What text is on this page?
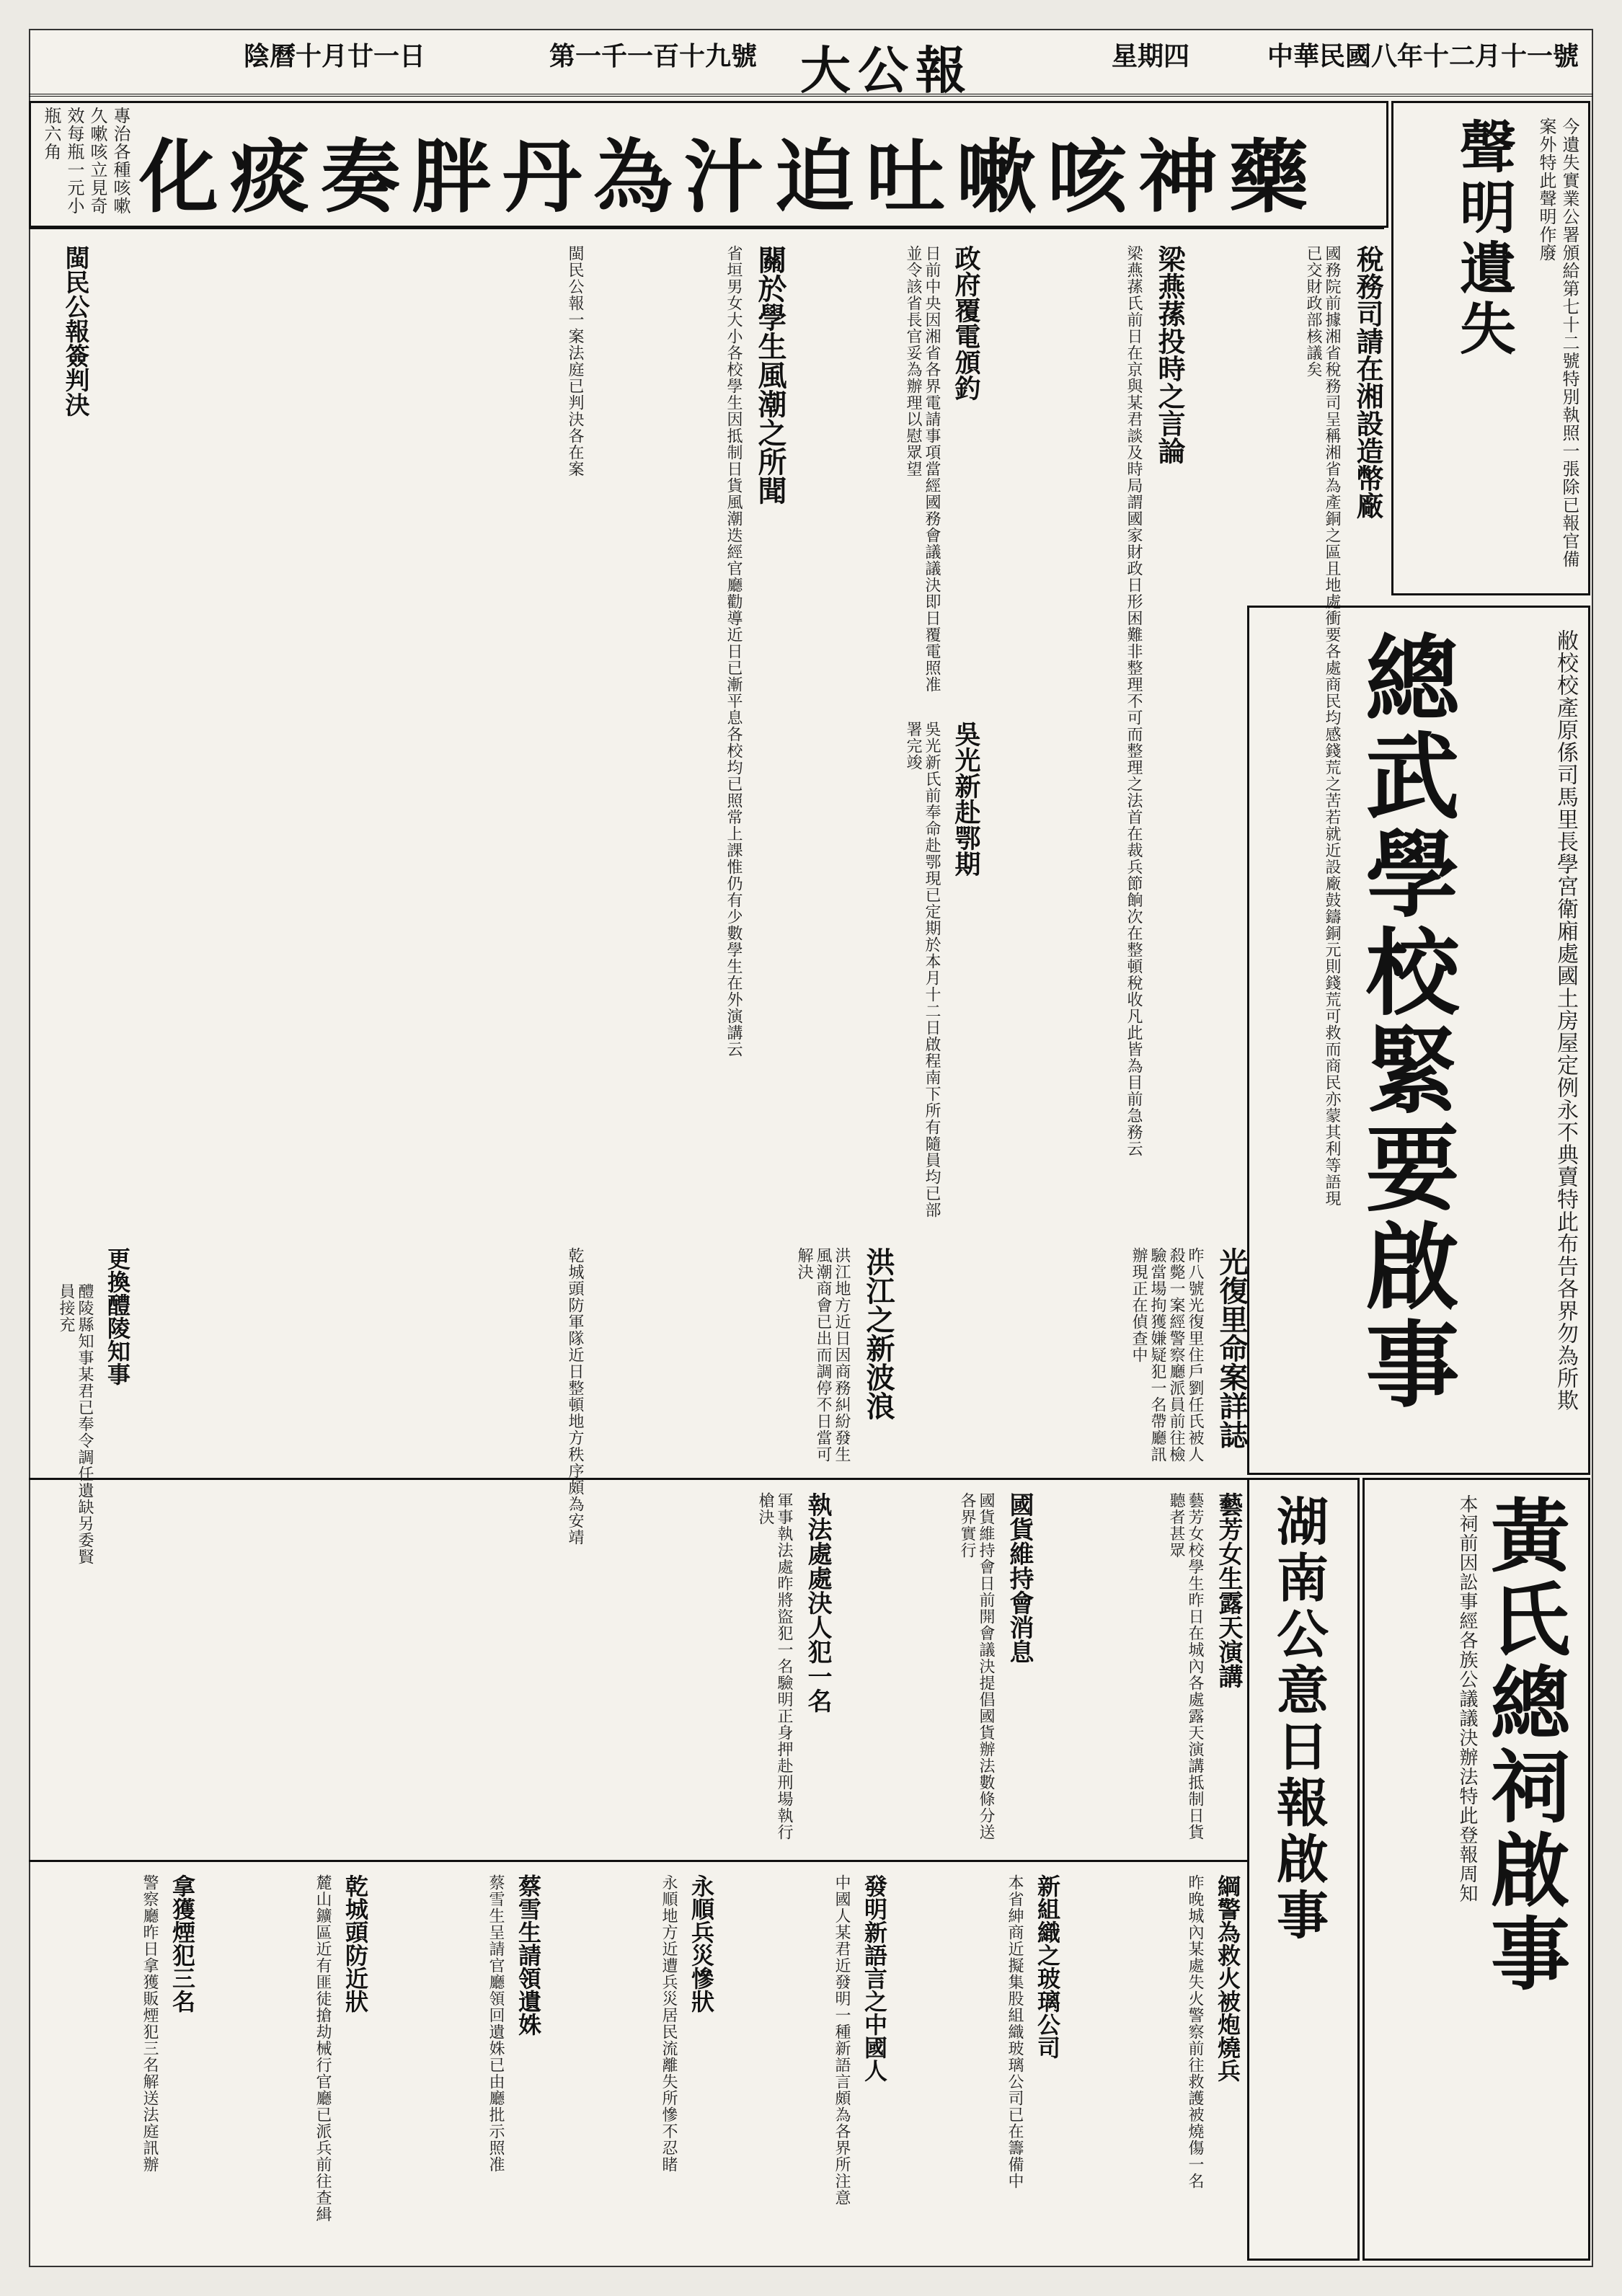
中華民國八年十二月十一號
星期四
大公報
第一千一百十九號
陰曆十月廿一日
聲明遺失	今遺失實業公署頒給第七十二號特別執照一張除已報官備案外特此聲明作廢
化痰奏胖丹為汁迫吐嗽咳神藥
專治各種咳嗽久嗽咳立見奇效每瓶一元小瓶六角
稅務司請在湘設造幣廠
國務院前據湘省稅務司呈稱湘省為產銅之區且地處衝要各處商民均感錢荒之苦若就近設廠鼓鑄銅元則錢荒可救而商民亦蒙其利等語現已交財政部核議矣
梁燕蓀投時之言論
梁燕蓀氏前日在京與某君談及時局謂國家財政日形困難非整理不可而整理之法首在裁兵節餉次在整頓稅收凡此皆為目前急務云
政府覆電頒釣
日前中央因湘省各界電請事項當經國務會議議決即日覆電照准並令該省長官妥為辦理以慰眾望
吳光新赴鄂期
吳光新氏前奉命赴鄂現已定期於本月十二日啟程南下所有隨員均已部署完竣
關於學生風潮之所聞
省垣男女大小各校學生因抵制日貨風潮迭經官廳勸導近日已漸平息各校均已照常上課惟仍有少數學生在外演講云
閩民公報一案法庭已判決各在案
閩民公報簽判決
總武學校緊要啟事	敝校校產原係司馬里長學宮衛廂處國土房屋定例永不典賣特此布告各界勿為所欺
光復里命案詳誌
昨八號光復里住戶劉任氏被人殺斃一案經警察廳派員前往檢驗當場拘獲嫌疑犯一名帶廳訊辦現正在偵查中
洪江之新波浪
洪江地方近日因商務糾紛發生風潮商會已出而調停不日當可解決
藝芳女生露天演講
藝芳女校學生昨日在城內各處露天演講抵制日貨聽者甚眾
國貨維持會消息
國貨維持會日前開會議決提倡國貨辦法數條分送各界實行
執法處處決人犯一名
軍事執法處昨將盜犯一名驗明正身押赴刑場執行槍決
乾城頭防軍隊近日整頓地方秩序頗為安靖
黃氏總祠啟事
本祠前因訟事經各族公議議決辦法特此登報周知
湖南公意日報啟事
綱警為救火被炮燒兵
昨晚城內某處失火警察前往救護被燒傷一名
新組織之玻璃公司
本省紳商近擬集股組織玻璃公司已在籌備中
發明新語言之中國人
中國人某君近發明一種新語言頗為各界所注意
永順兵災慘狀
永順地方近遭兵災居民流離失所慘不忍睹
蔡雪生請領遺姝
蔡雪生呈請官廳領回遺姝已由廳批示照准
乾城頭防近狀
麓山鑛區近有匪徒搶劫械行官廳已派兵前往查緝
拿獲煙犯三名
警察廳昨日拿獲販煙犯三名解送法庭訊辦
更換醴陵知事
醴陵縣知事某君已奉令調任遺缺另委賢員接充
